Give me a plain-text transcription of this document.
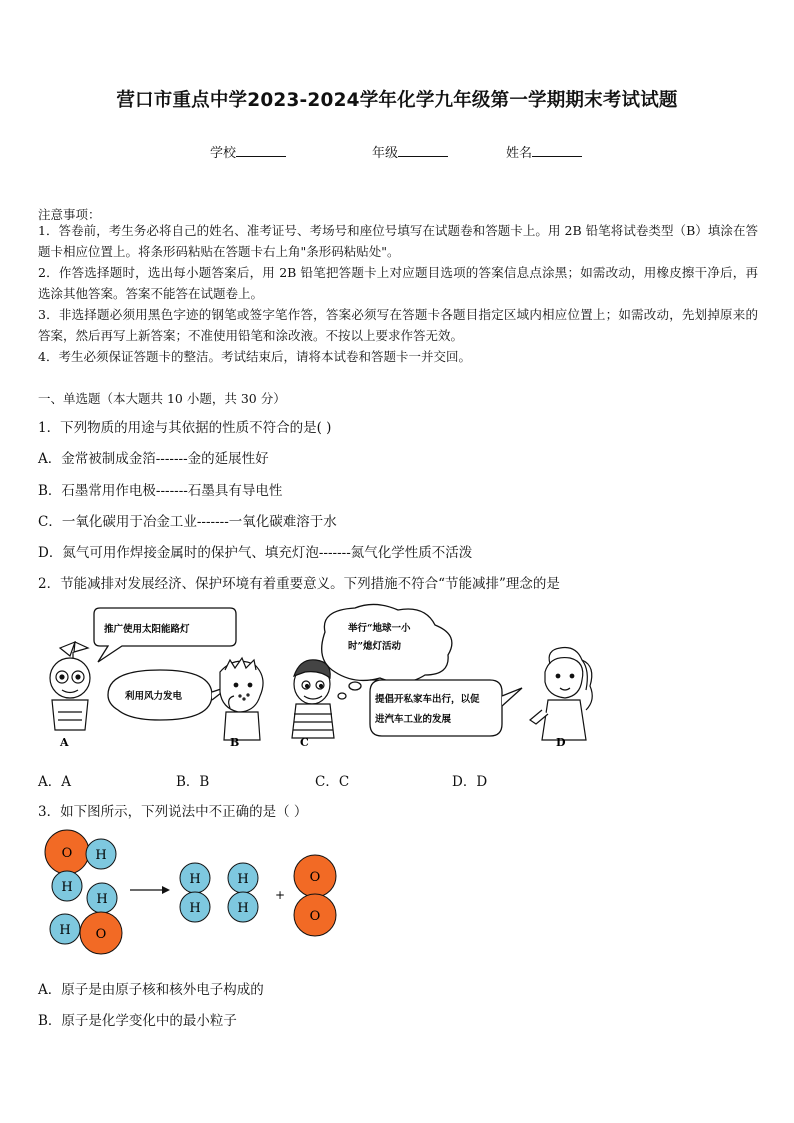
营口市重点中学2023-2024学年化学九年级第一学期期末考试试题
学校	年级	姓名
注意事项：
1．答卷前，考生务必将自己的姓名、准考证号、考场号和座位号填写在试题卷和答题卡上。用 2B 铅笔将试卷类型（B）填涂在答题卡相应位置上。将条形码粘贴在答题卡右上角"条形码粘贴处"。
2．作答选择题时，选出每小题答案后，用 2B 铅笔把答题卡上对应题目选项的答案信息点涂黑；如需改动，用橡皮擦干净后，再选涂其他答案。答案不能答在试题卷上。
3．非选择题必须用黑色字迹的钢笔或签字笔作答，答案必须写在答题卡各题目指定区域内相应位置上；如需改动，先划掉原来的答案，然后再写上新答案；不准使用铅笔和涂改液。不按以上要求作答无效。
4．考生必须保证答题卡的整洁。考试结束后，请将本试卷和答题卡一并交回。
一、单选题（本大题共 10 小题，共 30 分）
1．下列物质的用途与其依据的性质不符合的是( )
A．金常被制成金箔-------金的延展性好
B．石墨常用作电极-------石墨具有导电性
C．一氧化碳用于冶金工业-------一氧化碳难溶于水
D．氮气可用作焊接金属时的保护气、填充灯泡-------氮气化学性质不活泼
2．节能减排对发展经济、保护环境有着重要意义。下列措施不符合“节能减排”理念的是
推广使用太阳能路灯
利用风力发电
举行“地球一小
时”熄灯活动
提倡开私家车出行，以促
进汽车工业的发展
A	B	C	D
A．A	B．B	C．C	D．D
3．如下图所示，下列说法中不正确的是（ ）
O H
H
H
H O
H
H
H
H
O
O
+
A．原子是由原子核和核外电子构成的
B．原子是化学变化中的最小粒子
